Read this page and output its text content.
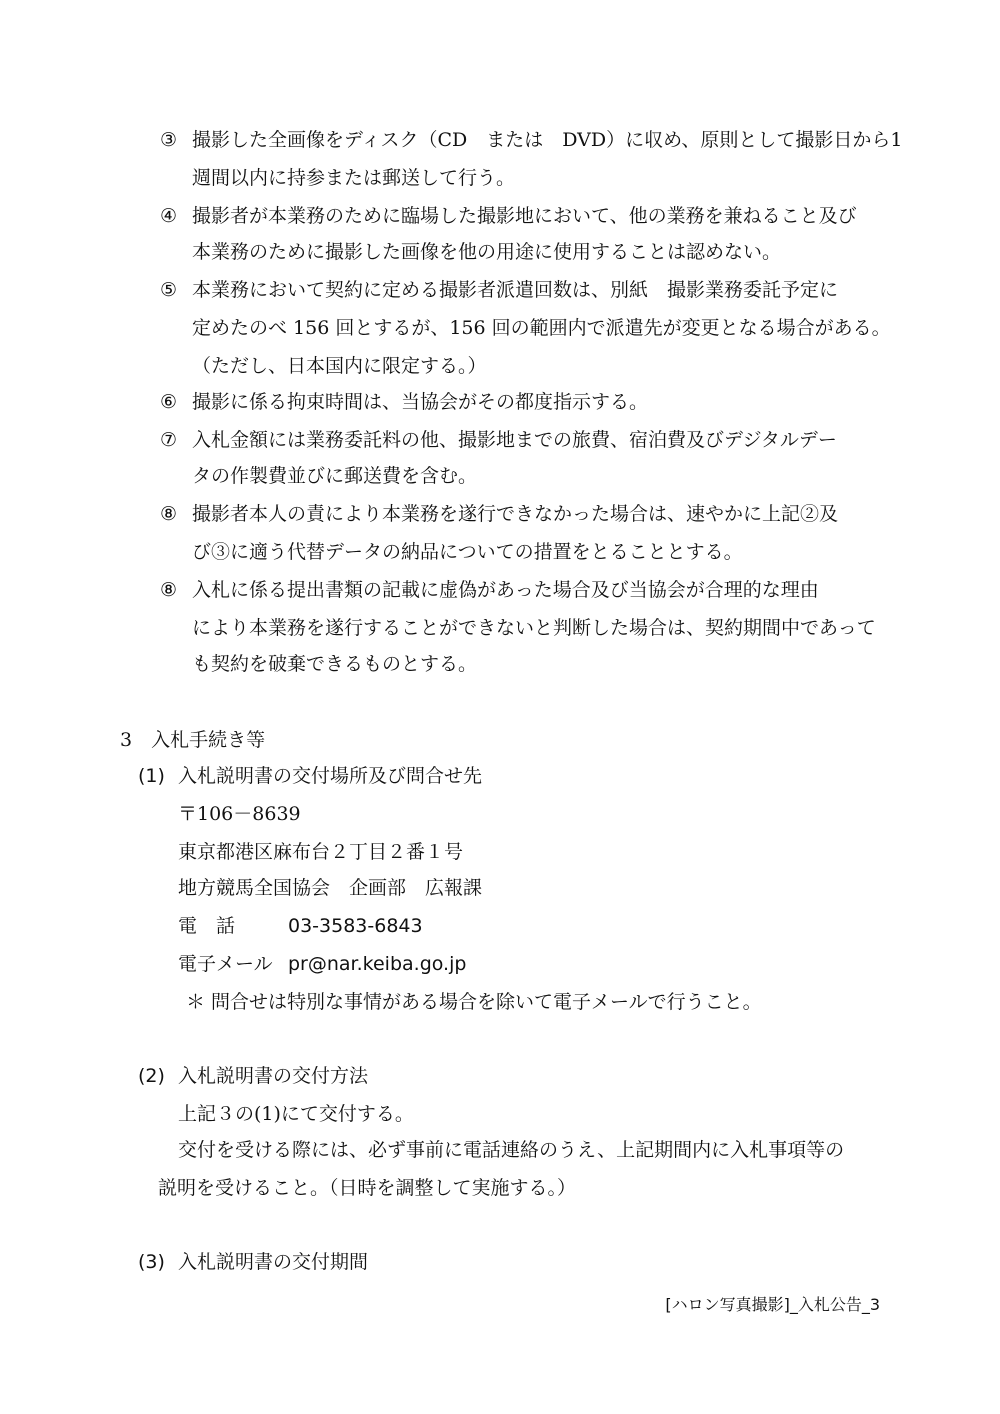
③ 撮影した全画像をディスク（CD　または　DVD）に収め、原則として撮影日から1
週間以内に持参または郵送して行う。
④ 撮影者が本業務のために臨場した撮影地において、他の業務を兼ねること及び
本業務のために撮影した画像を他の用途に使用することは認めない。
⑤ 本業務において契約に定める撮影者派遣回数は、別紙　撮影業務委託予定に
定めたのべ 156 回とするが、156 回の範囲内で派遣先が変更となる場合がある。
（ただし、日本国内に限定する。）
⑥ 撮影に係る拘束時間は、当協会がその都度指示する。
⑦ 入札金額には業務委託料の他、撮影地までの旅費、宿泊費及びデジタルデー
タの作製費並びに郵送費を含む。
⑧ 撮影者本人の責により本業務を遂行できなかった場合は、速やかに上記②及
び③に適う代替データの納品についての措置をとることとする。
⑧ 入札に係る提出書類の記載に虚偽があった場合及び当協会が合理的な理由
により本業務を遂行することができないと判断した場合は、契約期間中であって
も契約を破棄できるものとする。
3　入札手続き等
(1) 入札説明書の交付場所及び問合せ先
〒106－8639
東京都港区麻布台２丁目２番１号
地方競馬全国協会　企画部　広報課
電　話	03-3583-6843
電子メール pr@nar.keiba.go.jp
＊ 問合せは特別な事情がある場合を除いて電子メールで行うこと。
(2) 入札説明書の交付方法
上記３の(1)にて交付する。
交付を受ける際には、必ず事前に電話連絡のうえ、上記期間内に入札事項等の
説明を受けること。（日時を調整して実施する。）
(3) 入札説明書の交付期間
[ハロン写真撮影]_入札公告_3
